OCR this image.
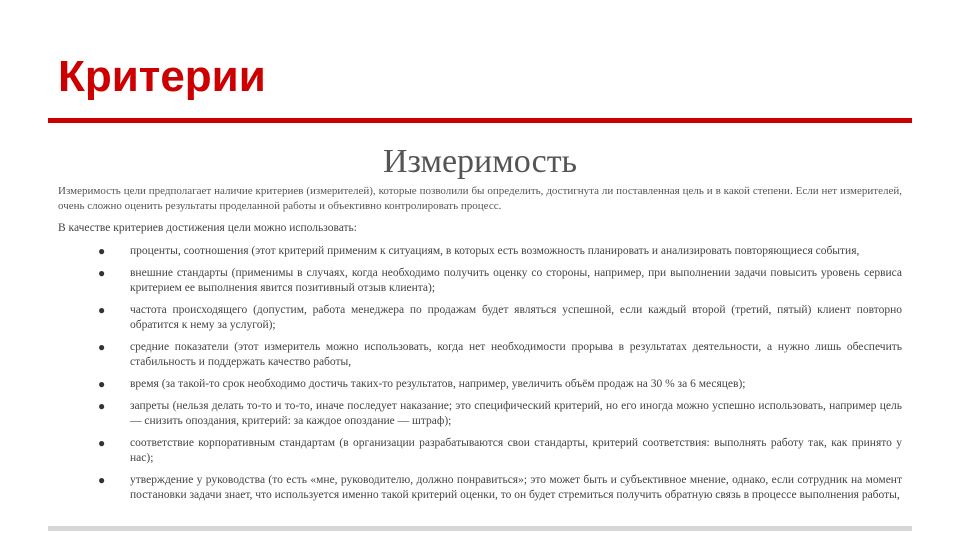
Критерии
Измеримость

Измеримость цели предполагает наличие критериев (измерителей), которые позволили бы определить, достигнута ли поставленная цель и в какой степени. Если нет измерителей, очень сложно оценить результаты проделанной работы и объективно контролировать процесс.

В качестве критериев достижения цели можно использовать:

● проценты, соотношения (этот критерий применим к ситуациям, в которых есть возможность планировать и анализировать повторяющиеся события,
● внешние стандарты (применимы в случаях, когда необходимо получить оценку со стороны, например, при выполнении задачи повысить уровень сервиса критерием ее выполнения явится позитивный отзыв клиента);
● частота происходящего (допустим, работа менеджера по продажам будет являться успешной, если каждый второй (третий, пятый) клиент повторно обратится к нему за услугой);
● средние показатели (этот измеритель можно использовать, когда нет необходимости прорыва в результатах деятельности, а нужно лишь обеспечить стабильность и поддержать качество работы,
● время (за такой-то срок необходимо достичь таких-то результатов, например, увеличить объём продаж на 30 % за 6 месяцев);
● запреты (нельзя делать то-то и то-то, иначе последует наказание; это специфический критерий, но его иногда можно успешно использовать, например цель — снизить опоздания, критерий: за каждое опоздание — штраф);
● соответствие корпоративным стандартам (в организации разрабатываются свои стандарты, критерий соответствия: выполнять работу так, как принято у нас);
● утверждение у руководства (то есть «мне, руководителю, должно понравиться»; это может быть и субъективное мнение, однако, если сотрудник на момент постановки задачи знает, что используется именно такой критерий оценки, то он будет стремиться получить обратную связь в процессе выполнения работы,
